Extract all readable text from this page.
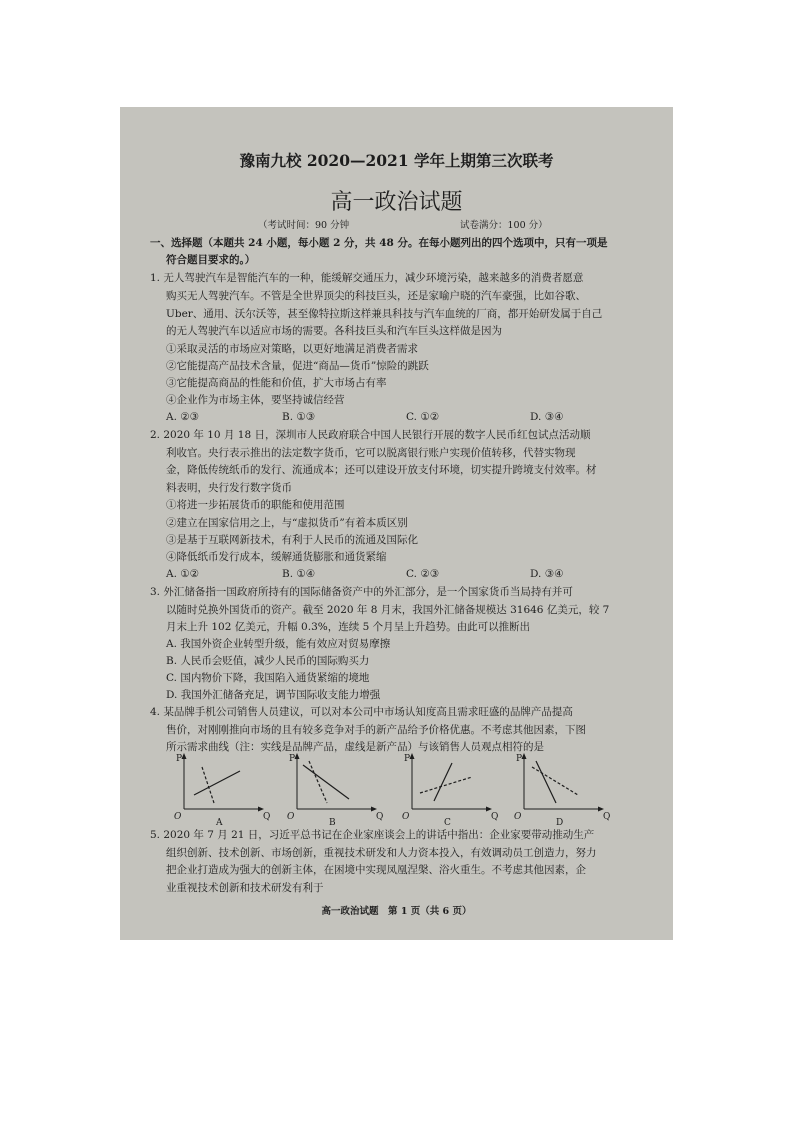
豫南九校 2020—2021 学年上期第三次联考
高一政治试题
（考试时间：90 分钟	试卷满分：100 分）
一、选择题（本题共 24 小题，每小题 2 分，共 48 分。在每小题列出的四个选项中，只有一项是
符合题目要求的。）
1. 无人驾驶汽车是智能汽车的一种，能缓解交通压力，减少环境污染，越来越多的消费者愿意
购买无人驾驶汽车。不管是全世界顶尖的科技巨头，还是家喻户晓的汽车豪强，比如谷歌、
Uber、通用、沃尔沃等，甚至像特拉斯这样兼具科技与汽车血统的厂商，都开始研发属于自己
的无人驾驶汽车以适应市场的需要。各科技巨头和汽车巨头这样做是因为
①采取灵活的市场应对策略，以更好地满足消费者需求
②它能提高产品技术含量，促进“商品—货币”惊险的跳跃
③它能提高商品的性能和价值，扩大市场占有率
④企业作为市场主体，要坚持诚信经营
A. ②③	B. ①③	C. ①②	D. ③④
2. 2020 年 10 月 18 日，深圳市人民政府联合中国人民银行开展的数字人民币红包试点活动顺
利收官。央行表示推出的法定数字货币，它可以脱离银行账户实现价值转移，代替实物现
金，降低传统纸币的发行、流通成本；还可以建设开放支付环境，切实提升跨境支付效率。材
料表明，央行发行数字货币
①将进一步拓展货币的职能和使用范围
②建立在国家信用之上，与“虚拟货币”有着本质区别
③是基于互联网新技术，有利于人民币的流通及国际化
④降低纸币发行成本，缓解通货膨胀和通货紧缩
A. ①②	B. ①④	C. ②③	D. ③④
3. 外汇储备指一国政府所持有的国际储备资产中的外汇部分，是一个国家货币当局持有并可
以随时兑换外国货币的资产。截至 2020 年 8 月末，我国外汇储备规模达 31646 亿美元，较 7
月末上升 102 亿美元，升幅 0.3%，连续 5 个月呈上升趋势。由此可以推断出
A. 我国外资企业转型升级，能有效应对贸易摩擦
B. 人民币会贬值，减少人民币的国际购买力
C. 国内物价下降，我国陷入通货紧缩的境地
D. 我国外汇储备充足，调节国际收支能力增强
4. 某品牌手机公司销售人员建议，可以对本公司中市场认知度高且需求旺盛的品牌产品提高
售价，对刚刚推向市场的且有较多竞争对手的新产品给予价格优惠。不考虑其他因素，下图
所示需求曲线（注：实线是品牌产品，虚线是新产品）与该销售人员观点相符的是
P
Q
O
A
P
Q
O
B
P
Q
O
C
P
Q
O
D
5. 2020 年 7 月 21 日，习近平总书记在企业家座谈会上的讲话中指出：企业家要带动推动生产
组织创新、技术创新、市场创新，重视技术研发和人力资本投入，有效调动员工创造力，努力
把企业打造成为强大的创新主体，在困境中实现凤凰涅槃、浴火重生。不考虑其他因素，企
业重视技术创新和技术研发有利于
高一政治试题　第 1 页（共 6 页）
